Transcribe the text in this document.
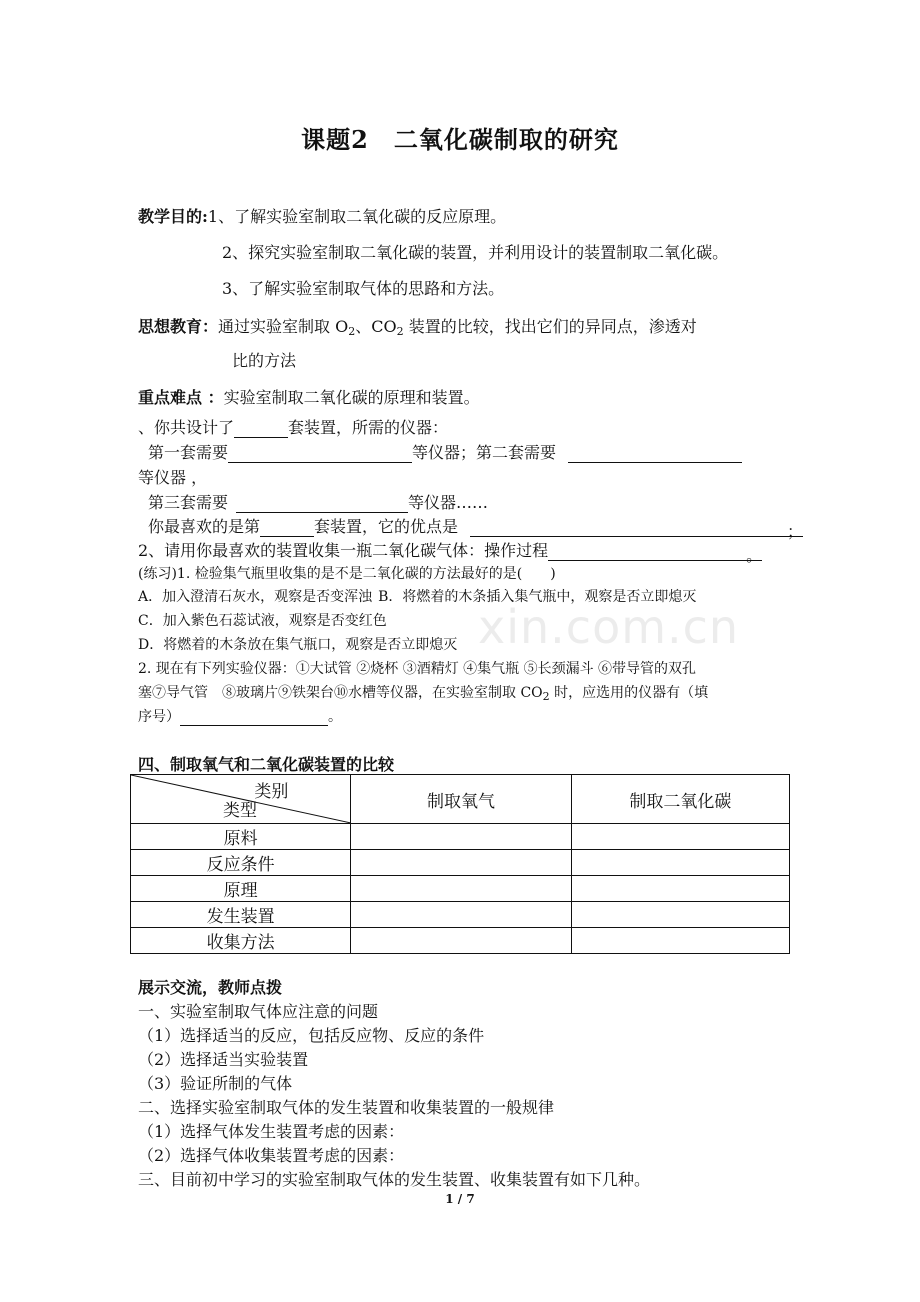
课题2　二氧化碳制取的研究
教学目的:1、了解实验室制取二氧化碳的反应原理。
2、探究实验室制取二氧化碳的装置，并利用设计的装置制取二氧化碳。
3、了解实验室制取气体的思路和方法。
思想教育：通过实验室制取 $O_2$、$CO_2$ 装置的比较，找出它们的异同点，渗透对
比的方法
重点难点 ：实验室制取二氧化碳的原理和装置。
、你共设计了	套装置，所需的仪器：
第一套需要	等仪器；第二套需要
等仪器 ，
第三套需要	等仪器……
你最喜欢的是第	套装置，它的优点是	；
2、请用你最喜欢的装置收集一瓶二氧化碳气体：操作过程	。
xin.com.cn
(练习)1. 检验集气瓶里收集的是不是二氧化碳的方法最好的是(　　)
A．加入澄清石灰水，观察是否变浑浊 B．将燃着的木条插入集气瓶中，观察是否立即熄灭
C．加入紫色石蕊试液，观察是否变红色
D．将燃着的木条放在集气瓶口，观察是否立即熄灭
2. 现在有下列实验仪器：①大试管 ②烧杯 ③酒精灯 ④集气瓶 ⑤长颈漏斗 ⑥带导管的双孔
塞⑦导气管　⑧玻璃片⑨铁架台⑩水槽等仪器，在实验室制取 $CO_2$ 时，应选用的仪器有（填
序号）	。
四、制取氧气和二氧化碳装置的比较
类别
类型	制取氧气	制取二氧化碳
原料		
反应条件		
原理		
发生装置		
收集方法		
展示交流，教师点拨
一、实验室制取气体应注意的问题
（1）选择适当的反应，包括反应物、反应的条件
（2）选择适当实验装置
（3）验证所制的气体
二、选择实验室制取气体的发生装置和收集装置的一般规律
（1）选择气体发生装置考虑的因素：
（2）选择气体收集装置考虑的因素：
三、目前初中学习的实验室制取气体的发生装置、收集装置有如下几种。
1 / 7
